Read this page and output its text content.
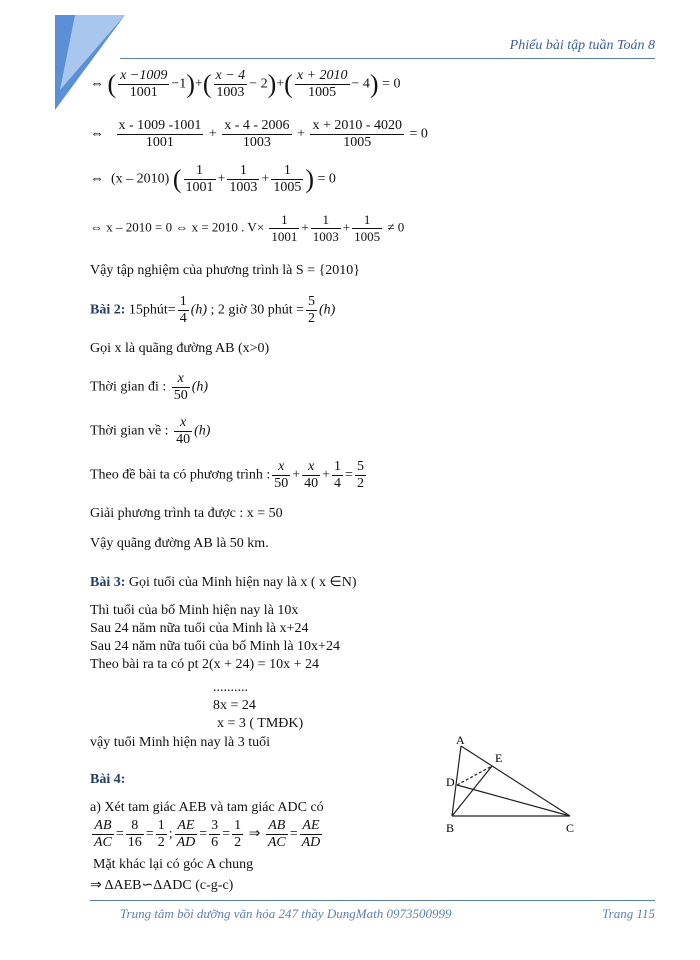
Phiếu bài tập tuần Toán 8
⇔ ( $\frac{x -1009}{1001} -1)+( \frac{x - 4}{1003} - 2)+( \frac{x + 2010}{1005} - 4) = 0$
⇔ $\frac{x - 1009 -1001}{1001} + \frac{x - 4 - 2006}{1003} + \frac{x + 2010 - 4020}{1005} = 0$
⇔  (x – 2010) ( $\frac{1}{1001} + \frac{1}{1003} + \frac{1}{1005}$ ) = 0
⇔ x – 2010 = 0 ⇔ x = 2010 . $V\times \frac{1}{1001} + \frac{1}{1003} + \frac{1}{1005} \ne 0$
Vậy tập nghiệm của phương trình là S = {2010}
Bài 2: 15phút= $\frac{1}{4} (h)$ ; 2 giờ 30 phút = $\frac{5}{2} (h)$
Gọi x là quãng đường AB (x>0)
Thời gian đi : $\frac{x}{50} (h)$
Thời gian về : $\frac{x}{40} (h)$
Theo đề bài ta có phương trình : $\frac{x}{50} + \frac{x}{40} + \frac{1}{4} = \frac{5}{2}$
Giải phương trình ta được : x = 50
Vậy quãng đường AB là 50 km.
Bài 3: Gọi tuổi của Minh hiện nay là x ( x ∈N)
Thì tuổi của bố Minh hiện nay là 10x
Sau 24 năm nữa tuổi của Minh là x+24
Sau 24 năm nữa tuổi của bố Minh là 10x+24
Theo bài ra ta có pt 2(x + 24) = 10x + 24
..........
8x = 24
x = 3 ( TMĐK)
vậy tuổi Minh hiện nay là 3 tuổi
Bài 4:
a) Xét tam giác AEB và tam giác ADC có
$\frac{AB}{AC} = \frac{8}{16} = \frac{1}{2}$ ; $\frac{AE}{AD} = \frac{3}{6} = \frac{1}{2}$ ⇒ $\frac{AB}{AC} = \frac{AE}{AD}$
Mặt khác lại có góc A chung
⇒ ΔAEB∽ΔADC (c-g-c)
A
E
D
B	C
Trung tâm bồi dưỡng văn hóa 247 thầy DungMath 0973500999	Trang 115
